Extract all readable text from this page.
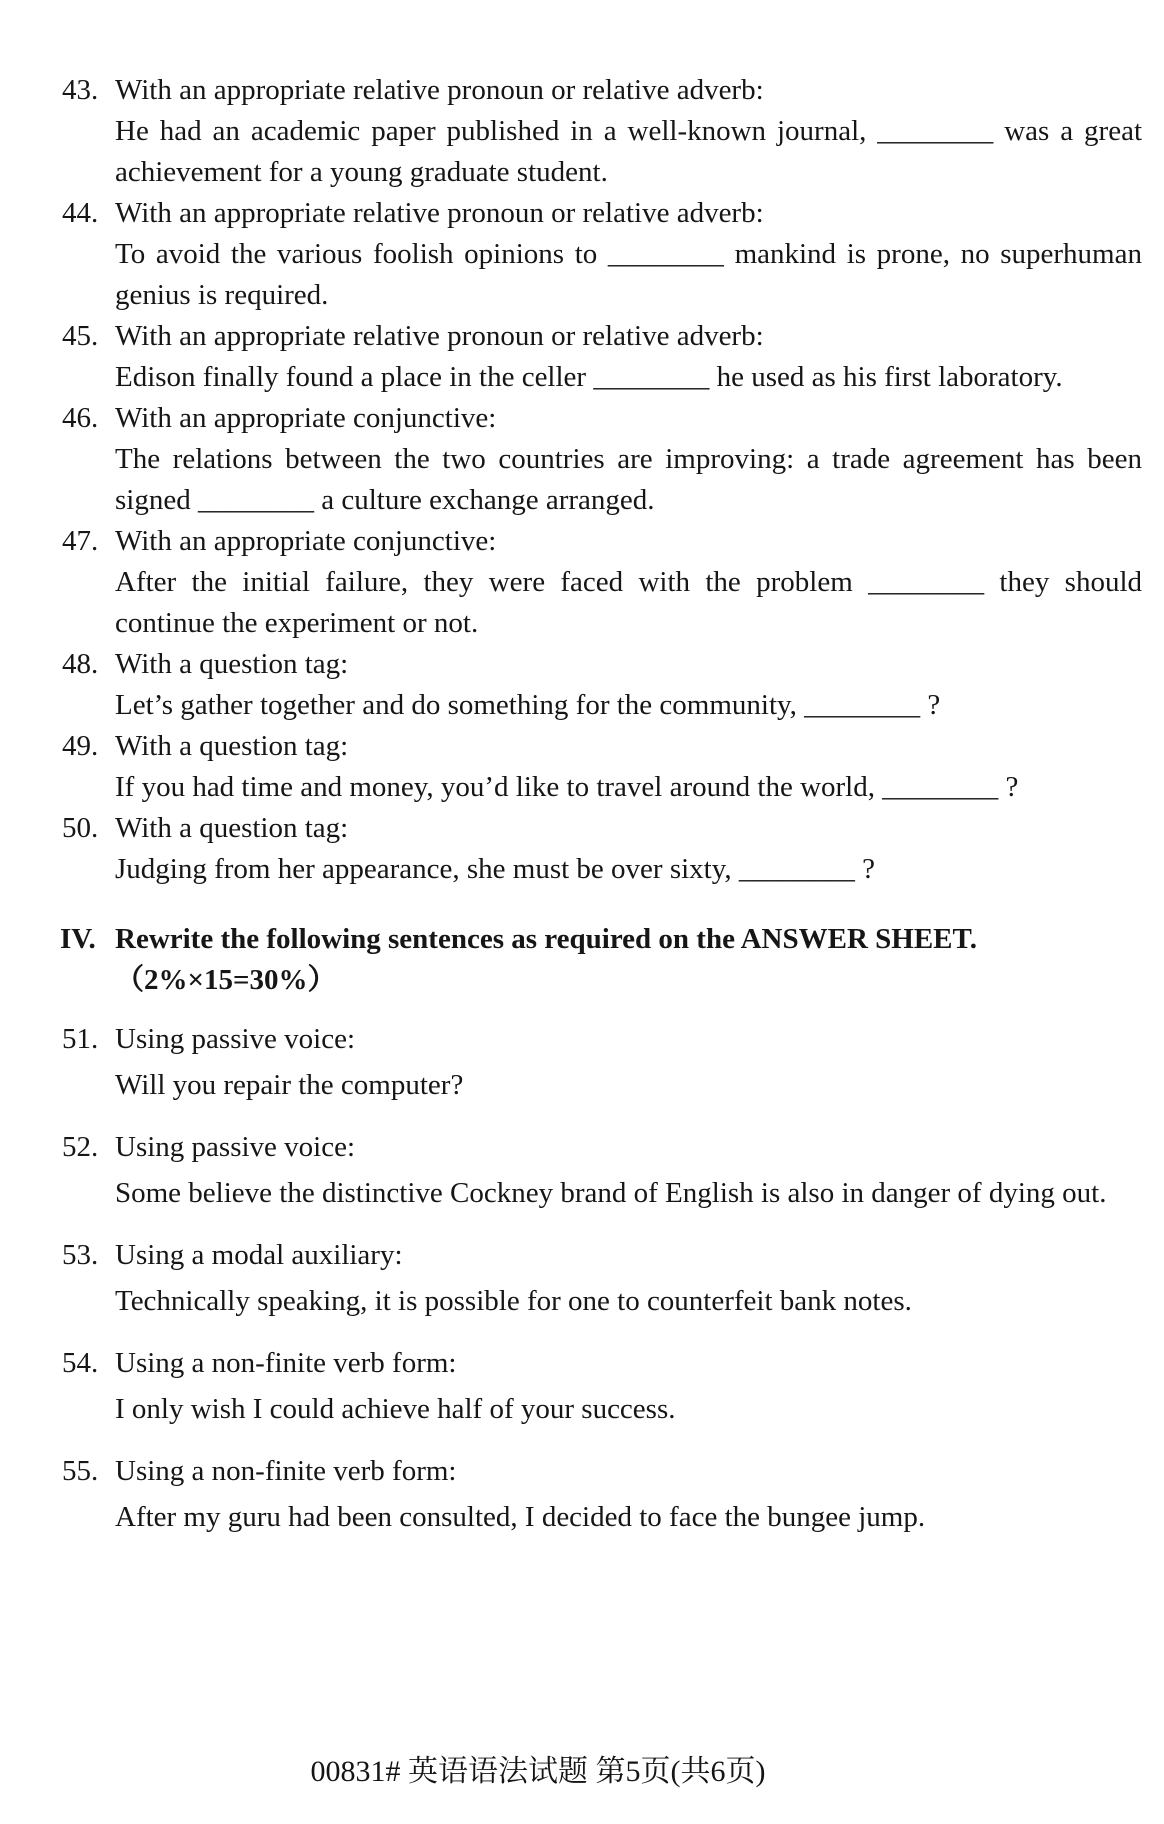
43. With an appropriate relative pronoun or relative adverb:
He had an academic paper published in a well-known journal, ________ was a great
achievement for a young graduate student.
44. With an appropriate relative pronoun or relative adverb:
To avoid the various foolish opinions to ________ mankind is prone, no superhuman
genius is required.
45. With an appropriate relative pronoun or relative adverb:
Edison finally found a place in the celler ________ he used as his first laboratory.
46. With an appropriate conjunctive:
The relations between the two countries are improving: a trade agreement has been
signed ________ a culture exchange arranged.
47. With an appropriate conjunctive:
After the initial failure, they were faced with the problem ________ they should
continue the experiment or not.
48. With a question tag:
Let’s gather together and do something for the community, ________ ?
49. With a question tag:
If you had time and money, you’d like to travel around the world, ________ ?
50. With a question tag:
Judging from her appearance, she must be over sixty, ________ ?
IV. Rewrite the following sentences as required on the ANSWER SHEET.
（2%×15=30%）
51. Using passive voice:
Will you repair the computer?
52. Using passive voice:
Some believe the distinctive Cockney brand of English is also in danger of dying out.
53. Using a modal auxiliary:
Technically speaking, it is possible for one to counterfeit bank notes.
54. Using a non-finite verb form:
I only wish I could achieve half of your success.
55. Using a non-finite verb form:
After my guru had been consulted, I decided to face the bungee jump.
00831# 英语语法试题 第5页(共6页)
